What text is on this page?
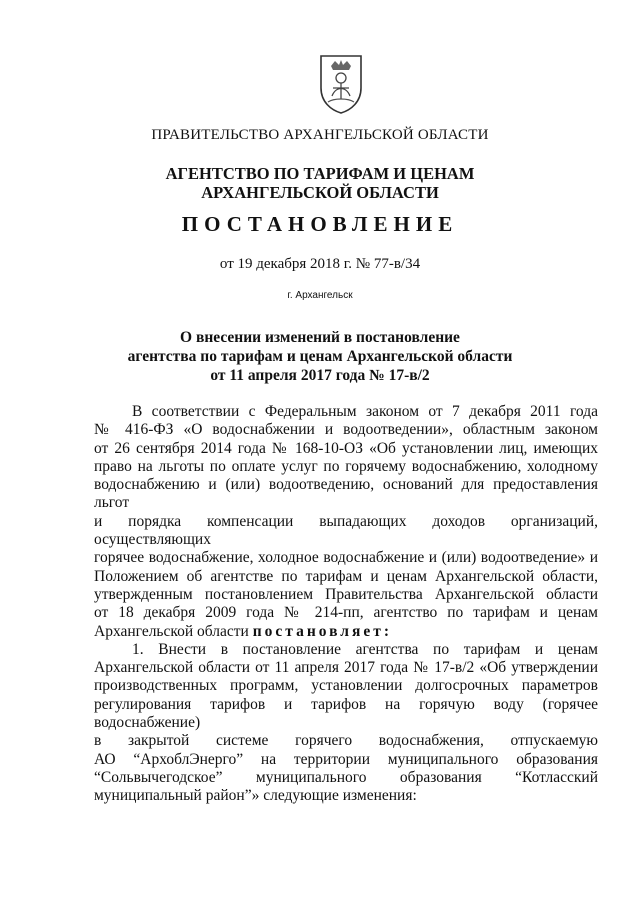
ПРАВИТЕЛЬСТВО АРХАНГЕЛЬСКОЙ ОБЛАСТИ
АГЕНТСТВО ПО ТАРИФАМ И ЦЕНАМ
АРХАНГЕЛЬСКОЙ ОБЛАСТИ
ПОСТАНОВЛЕНИЕ
от 19 декабря 2018 г. № 77-в/34
г. Архангельск
О внесении изменений в постановление
агентства по тарифам и ценам Архангельской области
от 11 апреля 2017 года № 17-в/2
В соответствии с Федеральным законом от 7 декабря 2011 года
№ 416-ФЗ «О водоснабжении и водоотведении», областным законом
от 26 сентября 2014 года № 168-10-ОЗ «Об установлении лиц, имеющих
право на льготы по оплате услуг по горячему водоснабжению, холодному
водоснабжению и (или) водоотведению, оснований для предоставления льгот
и порядка компенсации выпадающих доходов организаций, осуществляющих
горячее водоснабжение, холодное водоснабжение и (или) водоотведение» и
Положением об агентстве по тарифам и ценам Архангельской области,
утвержденным постановлением Правительства Архангельской области
от 18 декабря 2009 года № 214-пп, агентство по тарифам и ценам
Архангельской области постановляет:
1. Внести в постановление агентства по тарифам и ценам
Архангельской области от 11 апреля 2017 года № 17-в/2 «Об утверждении
производственных программ, установлении долгосрочных параметров
регулирования тарифов и тарифов на горячую воду (горячее водоснабжение)
в закрытой системе горячего водоснабжения, отпускаемую
АО “АрхоблЭнерго” на территории муниципального образования
“Сольвычегодское” муниципального образования “Котласский
муниципальный район”» следующие изменения:
